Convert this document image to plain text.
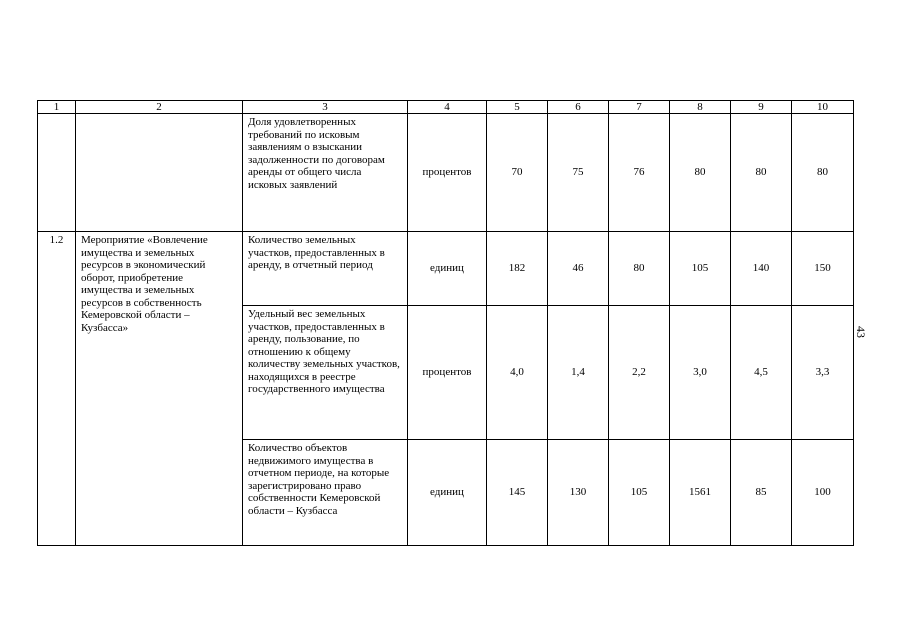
1	2	3	4	5	6	7	8	9	10
		Доля удовлетворенных требований по исковым заявлениям о взыскании задолженности по договорам аренды от общего числа исковых заявлений	процентов	70	75	76	80	80	80
1.2	Мероприятие «Вовлечение имущества и земельных ресурсов в экономический оборот, приобретение имущества и земельных ресурсов в собственность Кемеровской области – Кузбасса»	Количество земельных участков, предоставленных в аренду, в отчетный период	единиц	182	46	80	105	140	150
		Удельный вес земельных участков, предоставленных в аренду, пользование, по отношению к общему количеству земельных участков, находящихся в реестре государственного имущества	процентов	4,0	1,4	2,2	3,0	4,5	3,3
		Количество объектов недвижимого имущества в отчетном периоде, на которые зарегистрировано право собственности Кемеровской области – Кузбасса	единиц	145	130	105	1561	85	100
43
